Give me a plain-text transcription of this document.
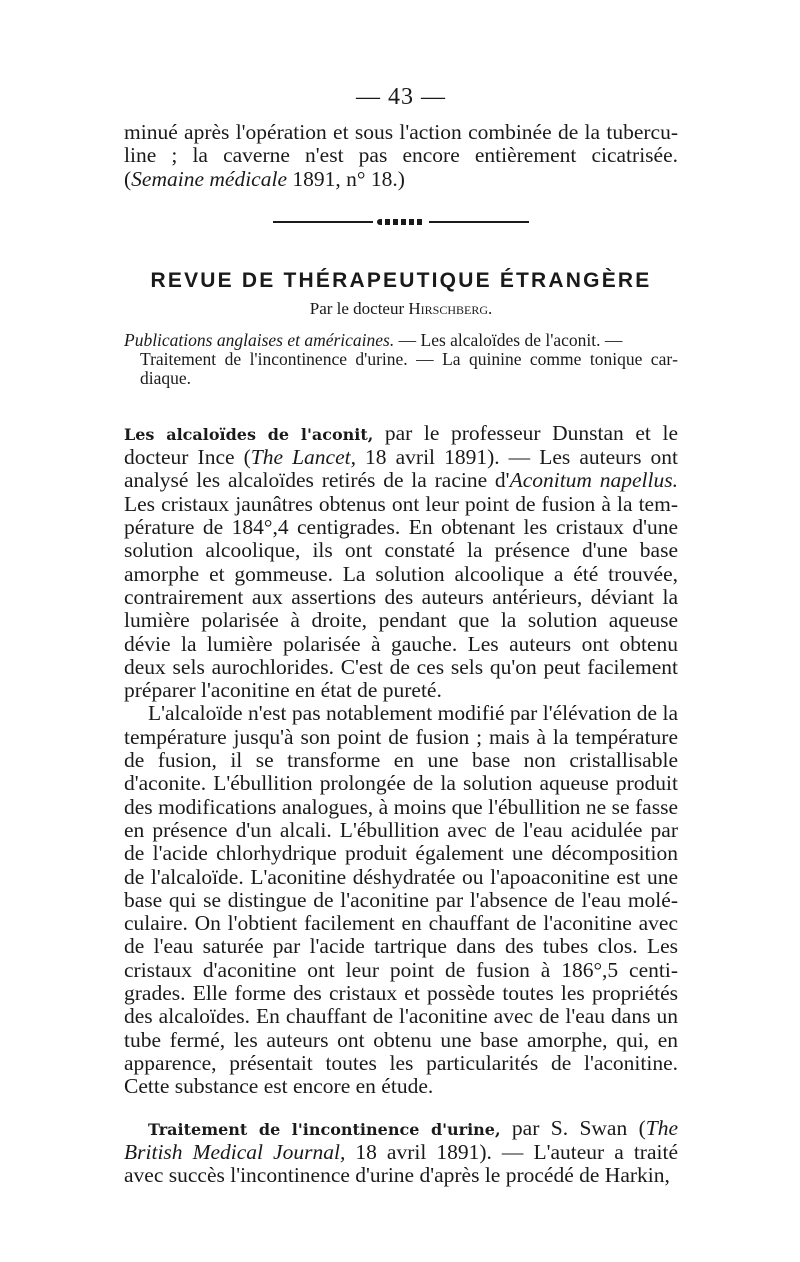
— 43 —

minué après l'opération et sous l'action combinée de la tuberculine ; la caverne n'est pas encore entièrement cicatrisée. (Semaine médicale 1891, n° 18.)

REVUE DE THÉRAPEUTIQUE ÉTRANGÈRE
Par le docteur Hirschberg.
Publications anglaises et américaines. — Les alcaloïdes de l'aconit. —
Traitement de l'incontinence d'urine. — La quinine comme tonique cardiaque.

Les alcaloïdes de l'aconit, par le professeur Dunstan et le docteur Ince (The Lancet, 18 avril 1891). — Les auteurs ont analysé les alcaloïdes retirés de la racine d'Aconitum napellus. Les cristaux jaunâtres obtenus ont leur point de fusion à la température de 184°,4 centigrades. En obtenant les cristaux d'une solution alcoolique, ils ont constaté la présence d'une base amorphe et gommeuse. La solution alcoolique a été trouvée, contrairement aux assertions des auteurs antérieurs, déviant la lumière polarisée à droite, pendant que la solution aqueuse dévie la lumière polarisée à gauche. Les auteurs ont obtenu deux sels aurochlorides. C'est de ces sels qu'on peut facilement préparer l'aconitine en état de pureté.

L'alcaloïde n'est pas notablement modifié par l'élévation de la température jusqu'à son point de fusion ; mais à la température de fusion, il se transforme en une base non cristallisable d'aconite. L'ébullition prolongée de la solution aqueuse produit des modifications analogues, à moins que l'ébullition ne se fasse en présence d'un alcali. L'ébullition avec de l'eau acidulée par de l'acide chlorhydrique produit également une décomposition de l'alcaloïde. L'aconitine déshydratée ou l'apoaconitine est une base qui se distingue de l'aconitine par l'absence de l'eau moléculaire. On l'obtient facilement en chauffant de l'aconitine avec de l'eau saturée par l'acide tartrique dans des tubes clos. Les cristaux d'aconitine ont leur point de fusion à 186°,5 centigrades. Elle forme des cristaux et possède toutes les propriétés des alcaloïdes. En chauffant de l'aconitine avec de l'eau dans un tube fermé, les auteurs ont obtenu une base amorphe, qui, en apparence, présentait toutes les particularités de l'aconitine. Cette substance est encore en étude.

Traitement de l'incontinence d'urine, par S. Swan (The British Medical Journal, 18 avril 1891). — L'auteur a traité avec succès l'incontinence d'urine d'après le procédé de Harkin,
